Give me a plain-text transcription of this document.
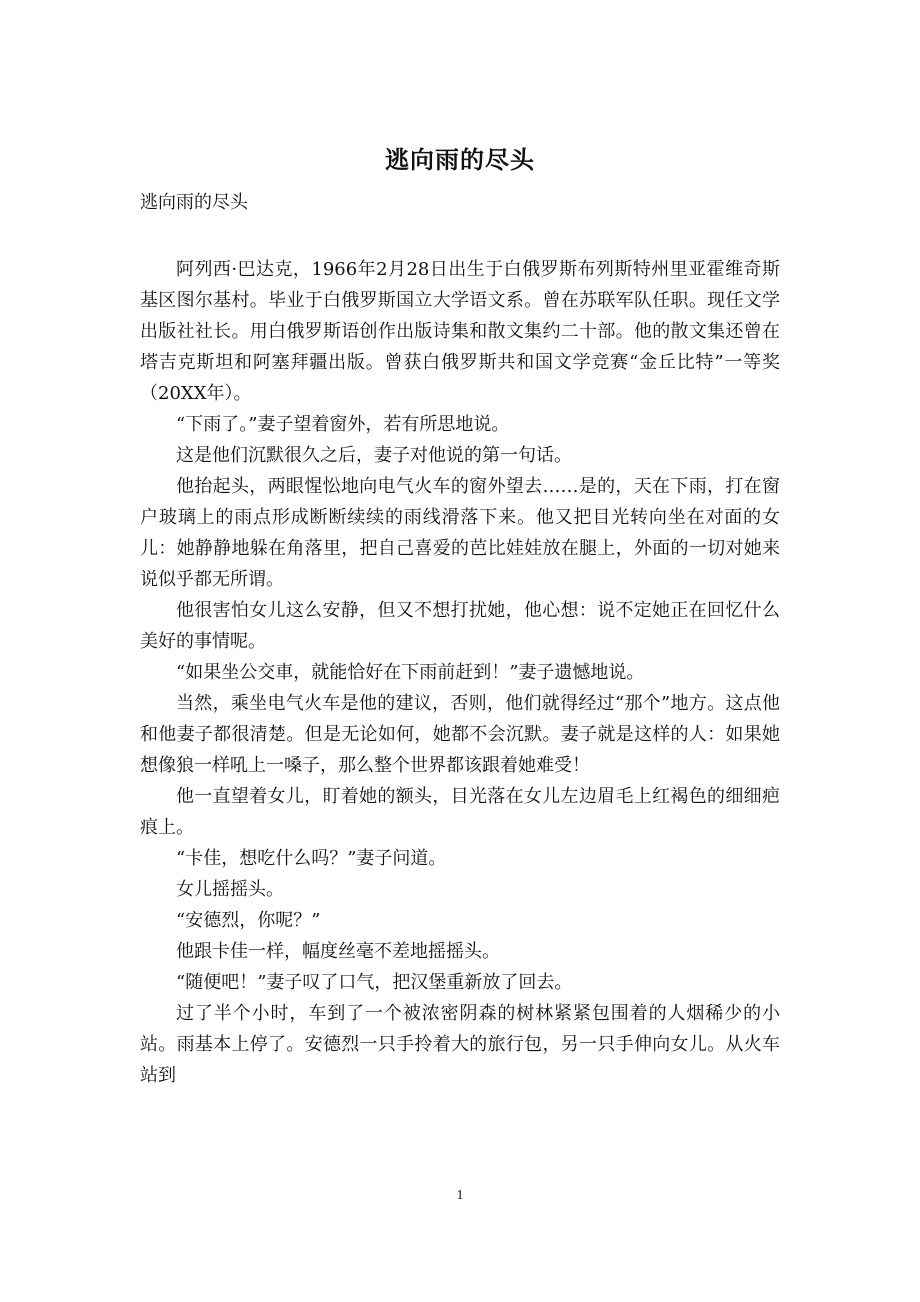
逃向雨的尽头
逃向雨的尽头

阿列西·巴达克，1966年2月28日出生于白俄罗斯布列斯特州里亚霍维奇斯基区图尔基村。毕业于白俄罗斯国立大学语文系。曾在苏联军队任职。现任文学出版社社长。用白俄罗斯语创作出版诗集和散文集约二十部。他的散文集还曾在塔吉克斯坦和阿塞拜疆出版。曾获白俄罗斯共和国文学竞赛“金丘比特”一等奖（20XX年）。

“下雨了。”妻子望着窗外，若有所思地说。

这是他们沉默很久之后，妻子对他说的第一句话。

他抬起头，两眼惺忪地向电气火车的窗外望去……是的，天在下雨，打在窗户玻璃上的雨点形成断断续续的雨线滑落下来。他又把目光转向坐在对面的女儿：她静静地躲在角落里，把自己喜爱的芭比娃娃放在腿上，外面的一切对她来说似乎都无所谓。

他很害怕女儿这么安静，但又不想打扰她，他心想：说不定她正在回忆什么美好的事情呢。

“如果坐公交車，就能恰好在下雨前赶到！”妻子遗憾地说。

当然，乘坐电气火车是他的建议，否则，他们就得经过“那个”地方。这点他和他妻子都很清楚。但是无论如何，她都不会沉默。妻子就是这样的人：如果她想像狼一样吼上一嗓子，那么整个世界都该跟着她难受！

他一直望着女儿，盯着她的额头，目光落在女儿左边眉毛上红褐色的细细疤痕上。

“卡佳，想吃什么吗？”妻子问道。

女儿摇摇头。

“安德烈，你呢？”

他跟卡佳一样，幅度丝毫不差地摇摇头。

“随便吧！”妻子叹了口气，把汉堡重新放了回去。

过了半个小时，车到了一个被浓密阴森的树林紧紧包围着的人烟稀少的小站。雨基本上停了。安德烈一只手拎着大的旅行包，另一只手伸向女儿。从火车站到

1
